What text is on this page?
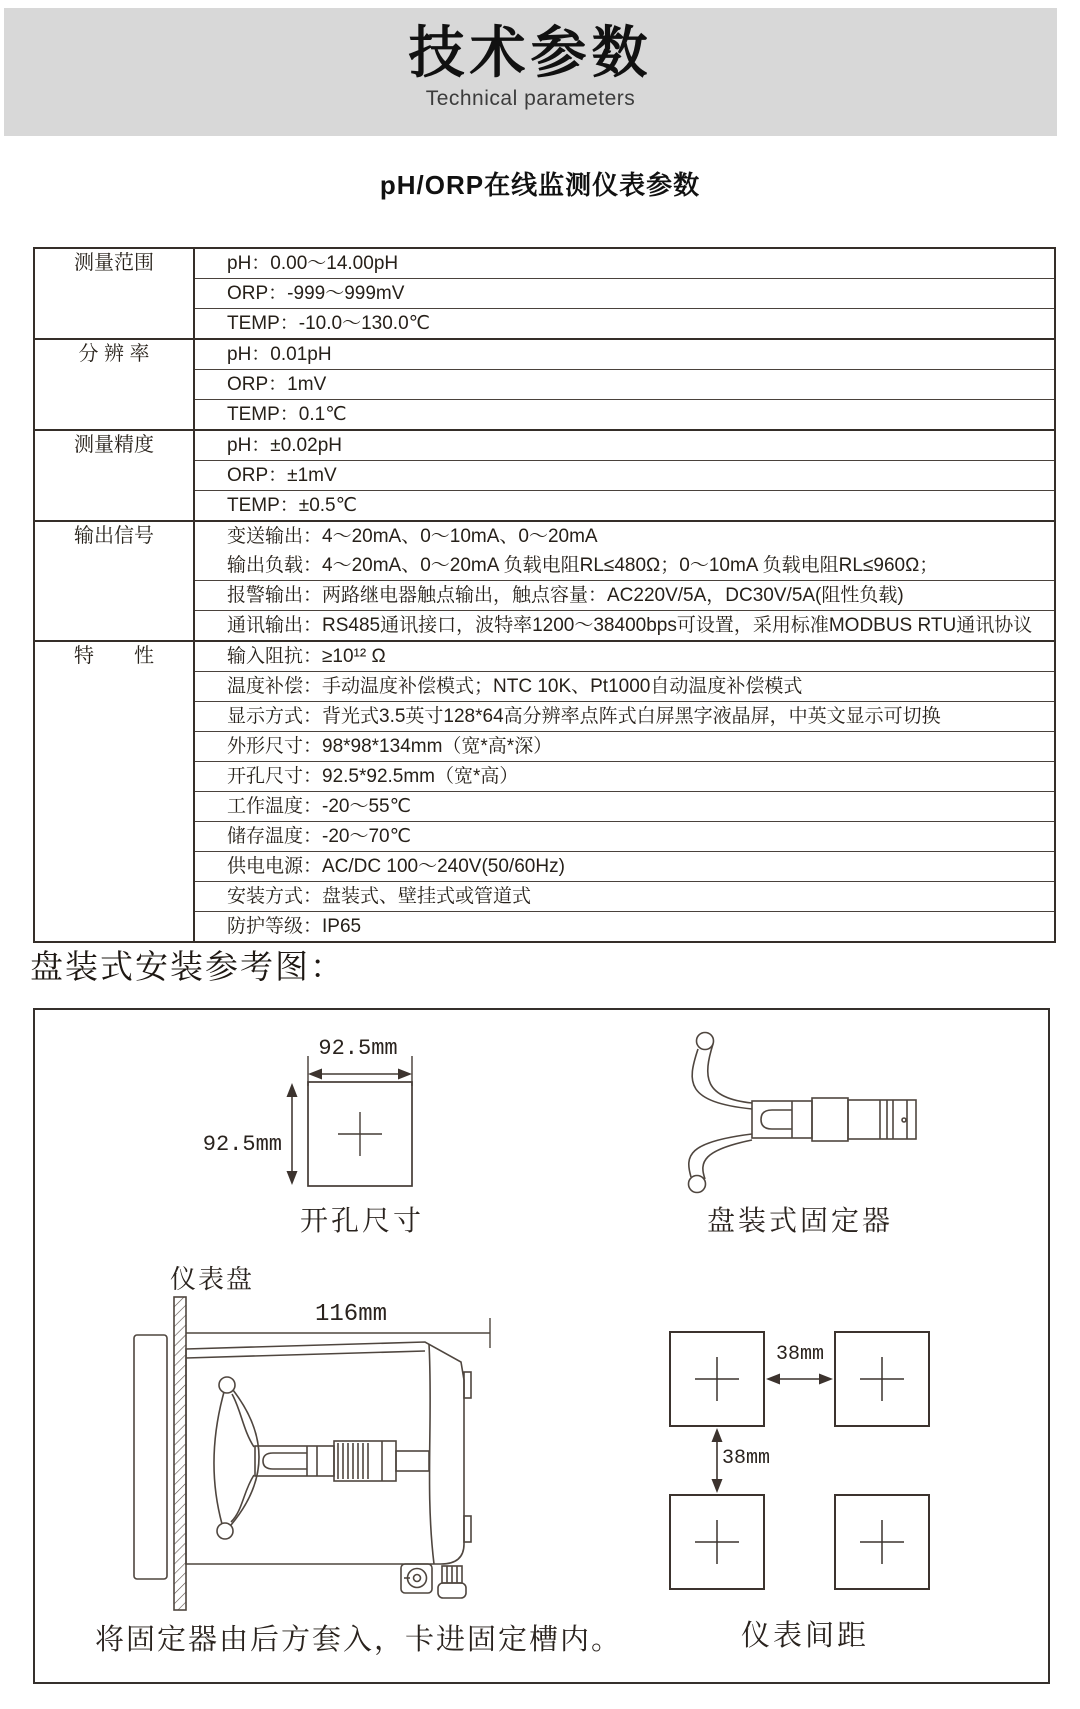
技术参数
Technical parameters
pH/ORP在线监测仪表参数
测量范围	pH：0.00～14.00pH
	ORP：-999～999mV
	TEMP：-10.0～130.0℃
分 辨 率	pH：0.01pH
	ORP：1mV
	TEMP：0.1℃
测量精度	pH：±0.02pH
	ORP：±1mV
	TEMP：±0.5℃
输出信号	变送输出：4～20mA、0～10mA、0～20mA
	输出负载：4～20mA、0～20mA 负载电阻RL≤480Ω；0～10mA 负载电阻RL≤960Ω；
	报警输出：两路继电器触点输出，触点容量：AC220V/5A，DC30V/5A(阻性负载)
	通讯输出：RS485通讯接口，波特率1200～38400bps可设置，采用标准MODBUS RTU通讯协议
特　　性	输入阻抗：≥10¹² Ω
	温度补偿：手动温度补偿模式；NTC 10K、Pt1000自动温度补偿模式
	显示方式：背光式3.5英寸128*64高分辨率点阵式白屏黑字液晶屏，中英文显示可切换
	外形尺寸：98*98*134mm（宽*高*深）
	开孔尺寸：92.5*92.5mm（宽*高）
	工作温度：-20～55℃
	储存温度：-20～70℃
	供电电源：AC/DC 100～240V(50/60Hz)
	安装方式：盘装式、壁挂式或管道式
	防护等级：IP65
盘装式安装参考图：
92.5mm
92.5mm
开孔尺寸	盘装式固定器
仪表盘
116mm
将固定器由后方套入，卡进固定槽内。
38mm
38mm
仪表间距
